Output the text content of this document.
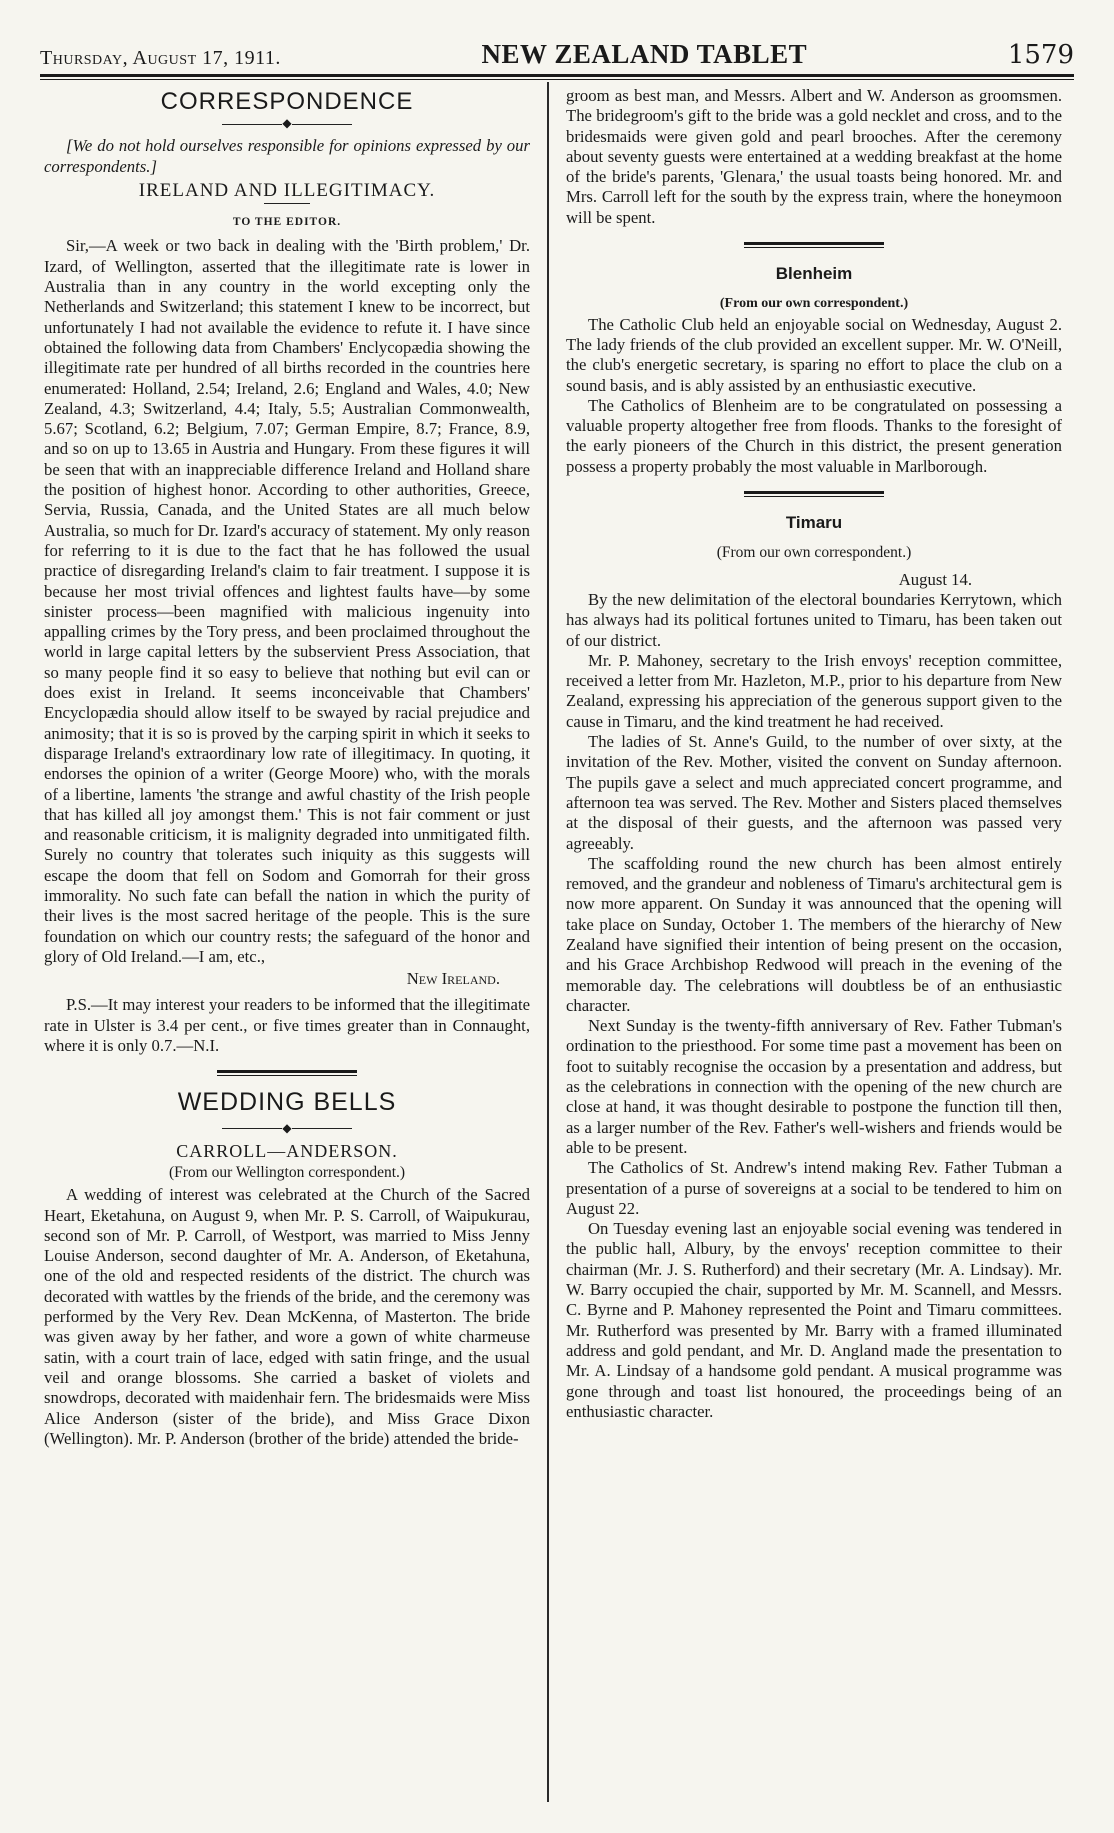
Thursday, August 17, 1911.	NEW ZEALAND TABLET	1579
CORRESPONDENCE
◆

[We do not hold ourselves responsible for opinions expressed by our correspondents.]

IRELAND AND ILLEGITIMACY.
TO THE EDITOR.

Sir,—A week or two back in dealing with the 'Birth problem,' Dr. Izard, of Wellington, asserted that the illegitimate rate is lower in Australia than in any country in the world excepting only the Netherlands and Switzerland; this statement I knew to be incorrect, but unfortunately I had not available the evidence to refute it. I have since obtained the following data from Chambers' Enclycopædia showing the illegitimate rate per hundred of all births recorded in the countries here enumerated: Holland, 2.54; Ireland, 2.6; England and Wales, 4.0; New Zealand, 4.3; Switzerland, 4.4; Italy, 5.5; Australian Commonwealth, 5.67; Scotland, 6.2; Belgium, 7.07; German Empire, 8.7; France, 8.9, and so on up to 13.65 in Austria and Hungary. From these figures it will be seen that with an inappreciable difference Ireland and Holland share the position of highest honor. According to other authorities, Greece, Servia, Russia, Canada, and the United States are all much below Australia, so much for Dr. Izard's accuracy of statement. My only reason for referring to it is due to the fact that he has followed the usual practice of disregarding Ireland's claim to fair treatment. I suppose it is because her most trivial offences and lightest faults have—by some sinister process—been magnified with malicious ingenuity into appalling crimes by the Tory press, and been proclaimed throughout the world in large capital letters by the subservient Press Association, that so many people find it so easy to believe that nothing but evil can or does exist in Ireland. It seems inconceivable that Chambers' Encyclopædia should allow itself to be swayed by racial prejudice and animosity; that it is so is proved by the carping spirit in which it seeks to disparage Ireland's extraordinary low rate of illegitimacy. In quoting, it endorses the opinion of a writer (George Moore) who, with the morals of a libertine, laments 'the strange and awful chastity of the Irish people that has killed all joy amongst them.' This is not fair comment or just and reasonable criticism, it is malignity degraded into unmitigated filth. Surely no country that tolerates such iniquity as this suggests will escape the doom that fell on Sodom and Gomorrah for their gross immorality. No such fate can befall the nation in which the purity of their lives is the most sacred heritage of the people. This is the sure foundation on which our country rests; the safeguard of the honor and glory of Old Ireland.—I am, etc.,

New Ireland.

P.S.—It may interest your readers to be informed that the illegitimate rate in Ulster is 3.4 per cent., or five times greater than in Connaught, where it is only 0.7.—N.I.

WEDDING BELLS
◆
CARROLL—ANDERSON.
(From our Wellington correspondent.)

A wedding of interest was celebrated at the Church of the Sacred Heart, Eketahuna, on August 9, when Mr. P. S. Carroll, of Waipukurau, second son of Mr. P. Carroll, of Westport, was married to Miss Jenny Louise Anderson, second daughter of Mr. A. Anderson, of Eketahuna, one of the old and respected residents of the district. The church was decorated with wattles by the friends of the bride, and the ceremony was performed by the Very Rev. Dean McKenna, of Masterton. The bride was given away by her father, and wore a gown of white charmeuse satin, with a court train of lace, edged with satin fringe, and the usual veil and orange blossoms. She carried a basket of violets and snowdrops, decorated with maidenhair fern. The bridesmaids were Miss Alice Anderson (sister of the bride), and Miss Grace Dixon (Wellington). Mr. P. Anderson (brother of the bride) attended the bride-

groom as best man, and Messrs. Albert and W. Anderson as groomsmen. The bridegroom's gift to the bride was a gold necklet and cross, and to the bridesmaids were given gold and pearl brooches. After the ceremony about seventy guests were entertained at a wedding breakfast at the home of the bride's parents, 'Glenara,' the usual toasts being honored. Mr. and Mrs. Carroll left for the south by the express train, where the honeymoon will be spent.

Blenheim
(From our own correspondent.)

The Catholic Club held an enjoyable social on Wednesday, August 2. The lady friends of the club provided an excellent supper. Mr. W. O'Neill, the club's energetic secretary, is sparing no effort to place the club on a sound basis, and is ably assisted by an enthusiastic executive.

The Catholics of Blenheim are to be congratulated on possessing a valuable property altogether free from floods. Thanks to the foresight of the early pioneers of the Church in this district, the present generation possess a property probably the most valuable in Marlborough.

Timaru
(From our own correspondent.)
August 14.

By the new delimitation of the electoral boundaries Kerrytown, which has always had its political fortunes united to Timaru, has been taken out of our district.

Mr. P. Mahoney, secretary to the Irish envoys' reception committee, received a letter from Mr. Hazleton, M.P., prior to his departure from New Zealand, expressing his appreciation of the generous support given to the cause in Timaru, and the kind treatment he had received.

The ladies of St. Anne's Guild, to the number of over sixty, at the invitation of the Rev. Mother, visited the convent on Sunday afternoon. The pupils gave a select and much appreciated concert programme, and afternoon tea was served. The Rev. Mother and Sisters placed themselves at the disposal of their guests, and the afternoon was passed very agreeably.

The scaffolding round the new church has been almost entirely removed, and the grandeur and nobleness of Timaru's architectural gem is now more apparent. On Sunday it was announced that the opening will take place on Sunday, October 1. The members of the hierarchy of New Zealand have signified their intention of being present on the occasion, and his Grace Archbishop Redwood will preach in the evening of the memorable day. The celebrations will doubtless be of an enthusiastic character.

Next Sunday is the twenty-fifth anniversary of Rev. Father Tubman's ordination to the priesthood. For some time past a movement has been on foot to suitably recognise the occasion by a presentation and address, but as the celebrations in connection with the opening of the new church are close at hand, it was thought desirable to postpone the function till then, as a larger number of the Rev. Father's well-wishers and friends would be able to be present.

The Catholics of St. Andrew's intend making Rev. Father Tubman a presentation of a purse of sovereigns at a social to be tendered to him on August 22.

On Tuesday evening last an enjoyable social evening was tendered in the public hall, Albury, by the envoys' reception committee to their chairman (Mr. J. S. Rutherford) and their secretary (Mr. A. Lindsay). Mr. W. Barry occupied the chair, supported by Mr. M. Scannell, and Messrs. C. Byrne and P. Mahoney represented the Point and Timaru committees. Mr. Rutherford was presented by Mr. Barry with a framed illuminated address and gold pendant, and Mr. D. Angland made the presentation to Mr. A. Lindsay of a handsome gold pendant. A musical programme was gone through and toast list honoured, the proceedings being of an enthusiastic character.
